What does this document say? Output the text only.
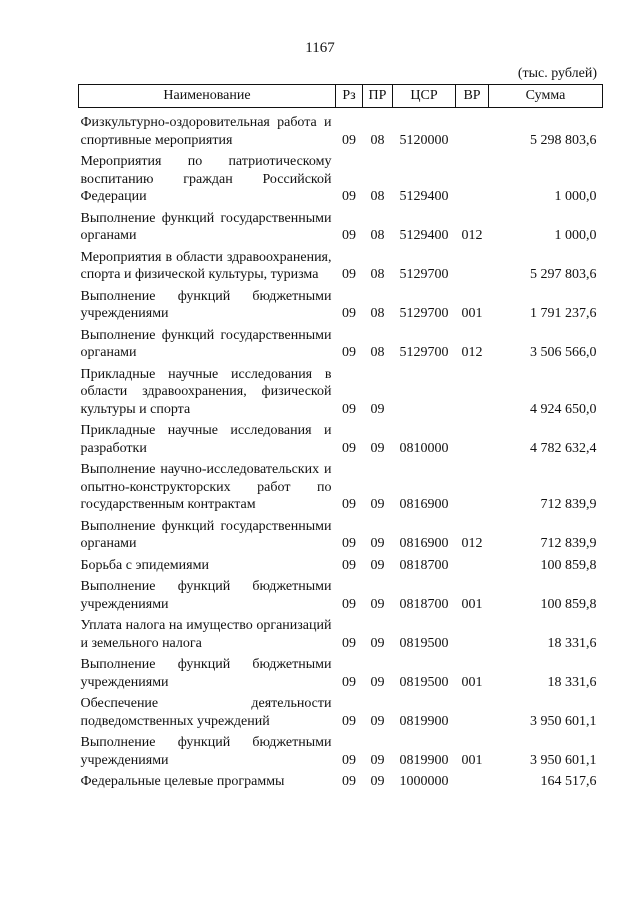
1167
(тыс. рублей)
Наименование	Рз	ПР	ЦСР	ВР	Сумма
Физкультурно-оздоровительная работа и спортивные мероприятия	09	08	5120000		5 298 803,6
Мероприятия по патриотическому воспитанию граждан Российской Федерации	09	08	5129400		1 000,0
Выполнение функций государственными органами	09	08	5129400	012	1 000,0
Мероприятия в области здравоохранения, спорта и физической культуры, туризма	09	08	5129700		5 297 803,6
Выполнение функций бюджетными учреждениями	09	08	5129700	001	1 791 237,6
Выполнение функций государственными органами	09	08	5129700	012	3 506 566,0
Прикладные научные исследования в области здравоохранения, физической культуры и спорта	09	09			4 924 650,0
Прикладные научные исследования и разработки	09	09	0810000		4 782 632,4
Выполнение научно-исследовательских и опытно-конструкторских работ по государственным контрактам	09	09	0816900		712 839,9
Выполнение функций государственными органами	09	09	0816900	012	712 839,9
Борьба с эпидемиями	09	09	0818700		100 859,8
Выполнение функций бюджетными учреждениями	09	09	0818700	001	100 859,8
Уплата налога на имущество организаций и земельного налога	09	09	0819500		18 331,6
Выполнение функций бюджетными учреждениями	09	09	0819500	001	18 331,6
Обеспечение деятельности подведомственных учреждений	09	09	0819900		3 950 601,1
Выполнение функций бюджетными учреждениями	09	09	0819900	001	3 950 601,1
Федеральные целевые программы	09	09	1000000		164 517,6
